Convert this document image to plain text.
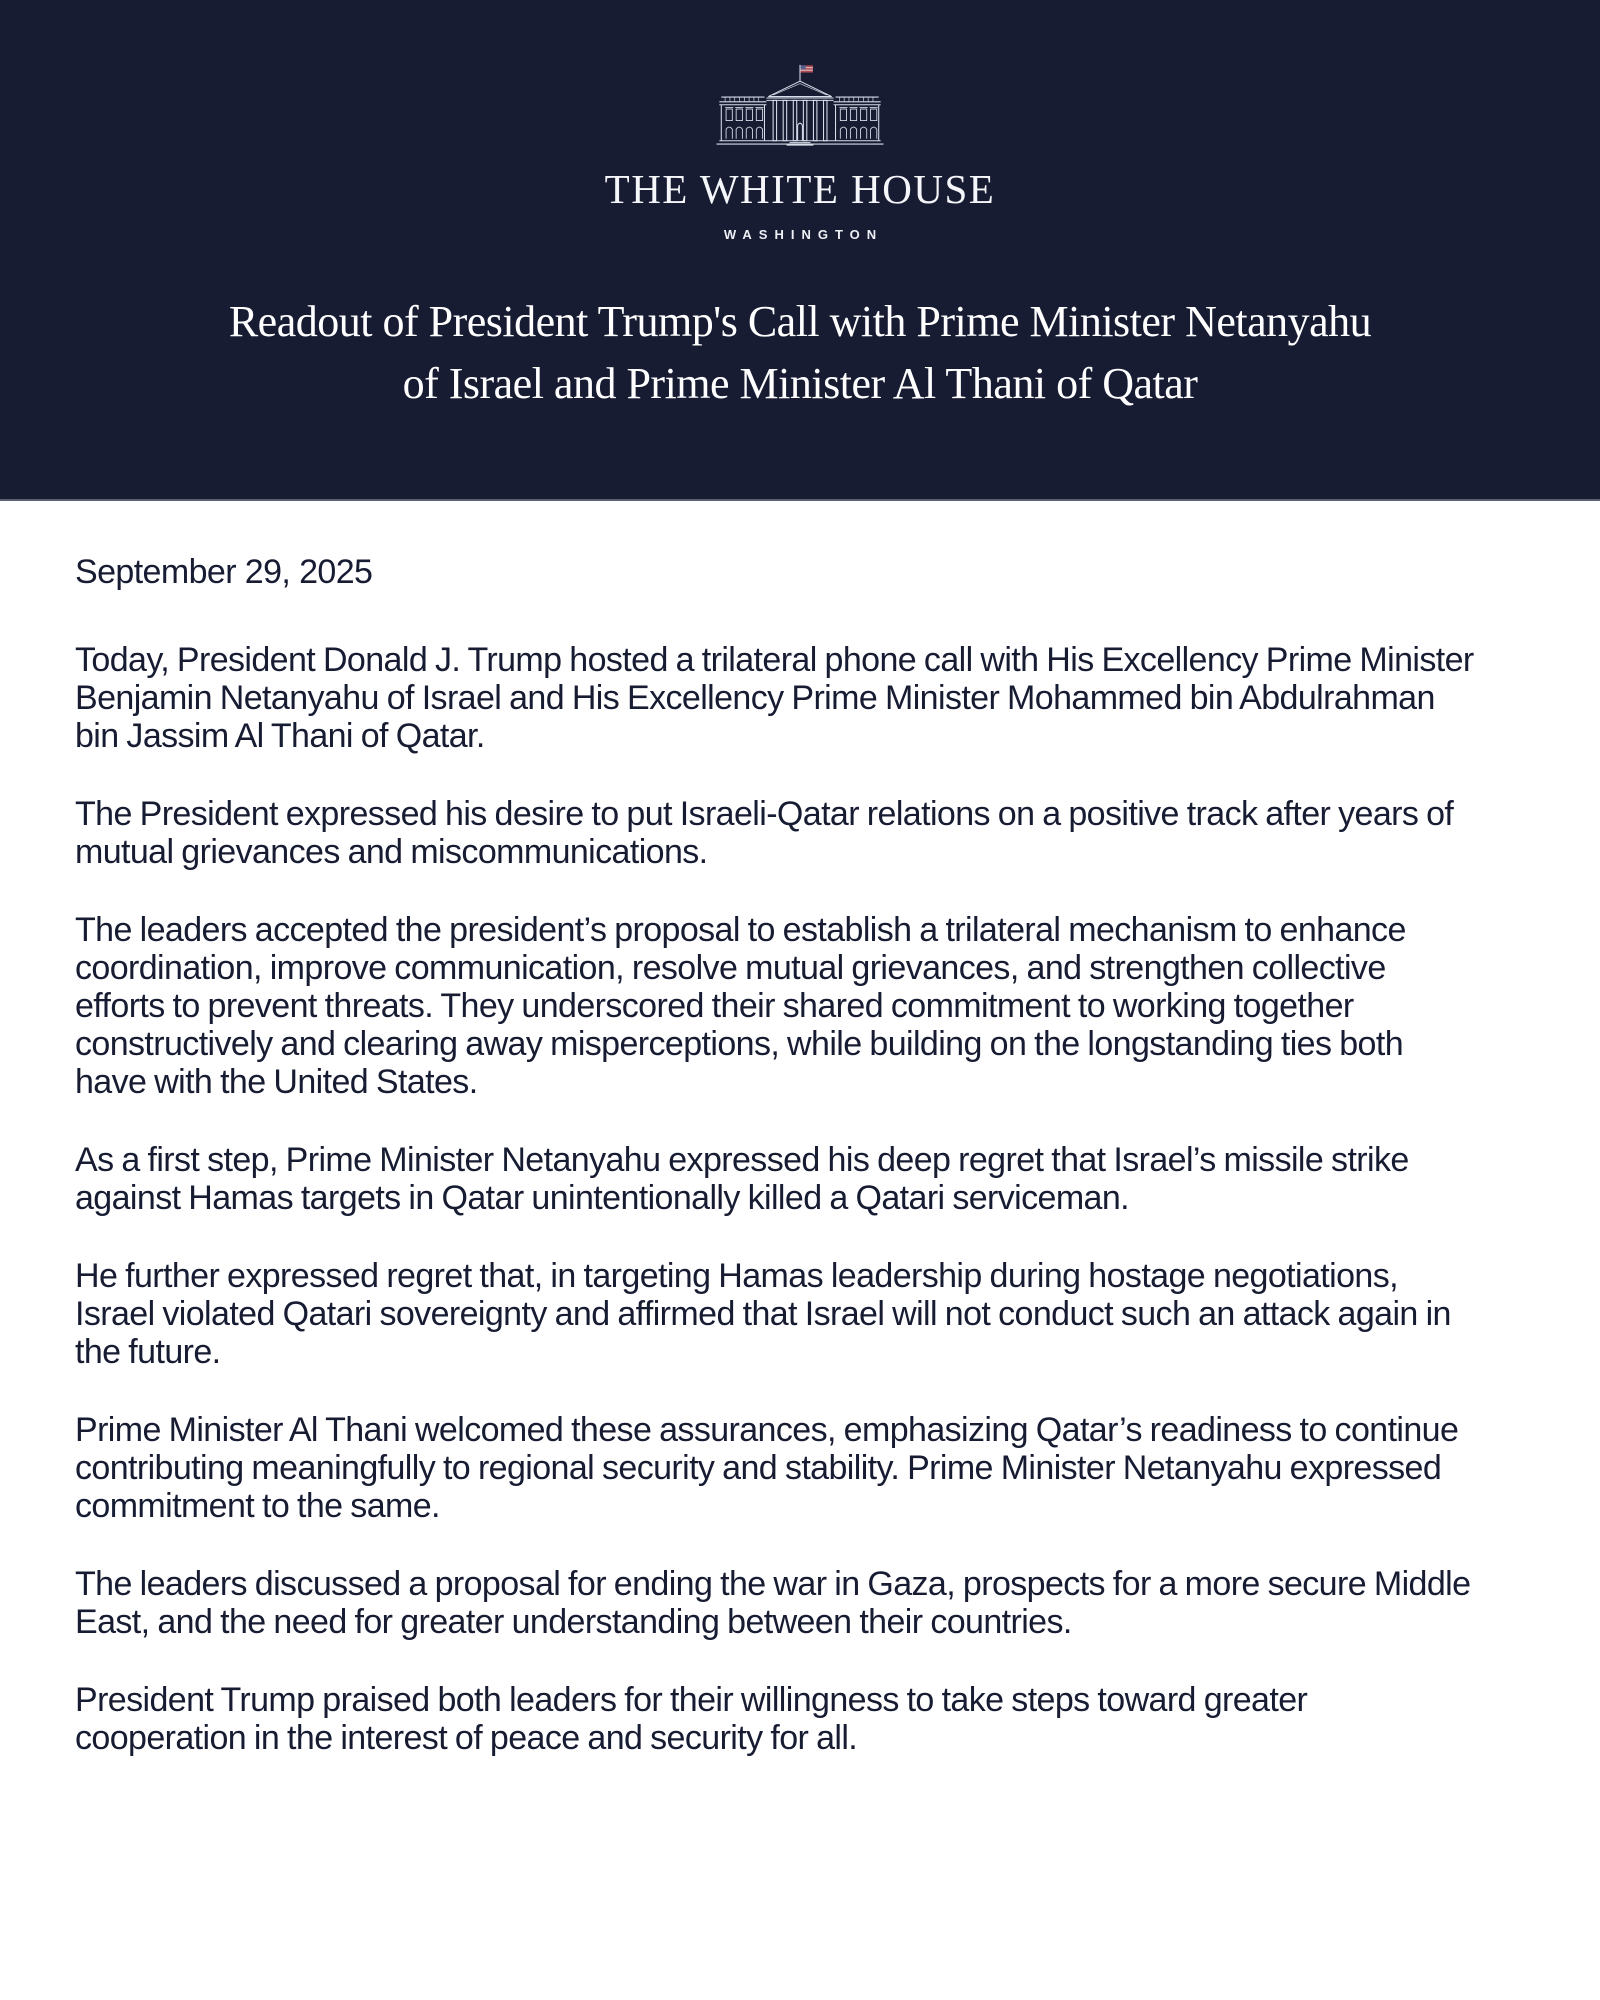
THE WHITE HOUSE
WASHINGTON
Readout of President Trump's Call with Prime Minister Netanyahu
of Israel and Prime Minister Al Thani of Qatar
September 29, 2025

Today, President Donald J. Trump hosted a trilateral phone call with His Excellency Prime Minister Benjamin Netanyahu of Israel and His Excellency Prime Minister Mohammed bin Abdulrahman bin Jassim Al Thani of Qatar.

The President expressed his desire to put Israeli-Qatar relations on a positive track after years of mutual grievances and miscommunications.

The leaders accepted the president’s proposal to establish a trilateral mechanism to enhance coordination, improve communication, resolve mutual grievances, and strengthen collective efforts to prevent threats. They underscored their shared commitment to working together constructively and clearing away misperceptions, while building on the longstanding ties both have with the United States.

As a first step, Prime Minister Netanyahu expressed his deep regret that Israel’s missile strike against Hamas targets in Qatar unintentionally killed a Qatari serviceman.

He further expressed regret that, in targeting Hamas leadership during hostage negotiations, Israel violated Qatari sovereignty and affirmed that Israel will not conduct such an attack again in the future.

Prime Minister Al Thani welcomed these assurances, emphasizing Qatar’s readiness to continue contributing meaningfully to regional security and stability. Prime Minister Netanyahu expressed commitment to the same.

The leaders discussed a proposal for ending the war in Gaza, prospects for a more secure Middle East, and the need for greater understanding between their countries.

President Trump praised both leaders for their willingness to take steps toward greater cooperation in the interest of peace and security for all.
